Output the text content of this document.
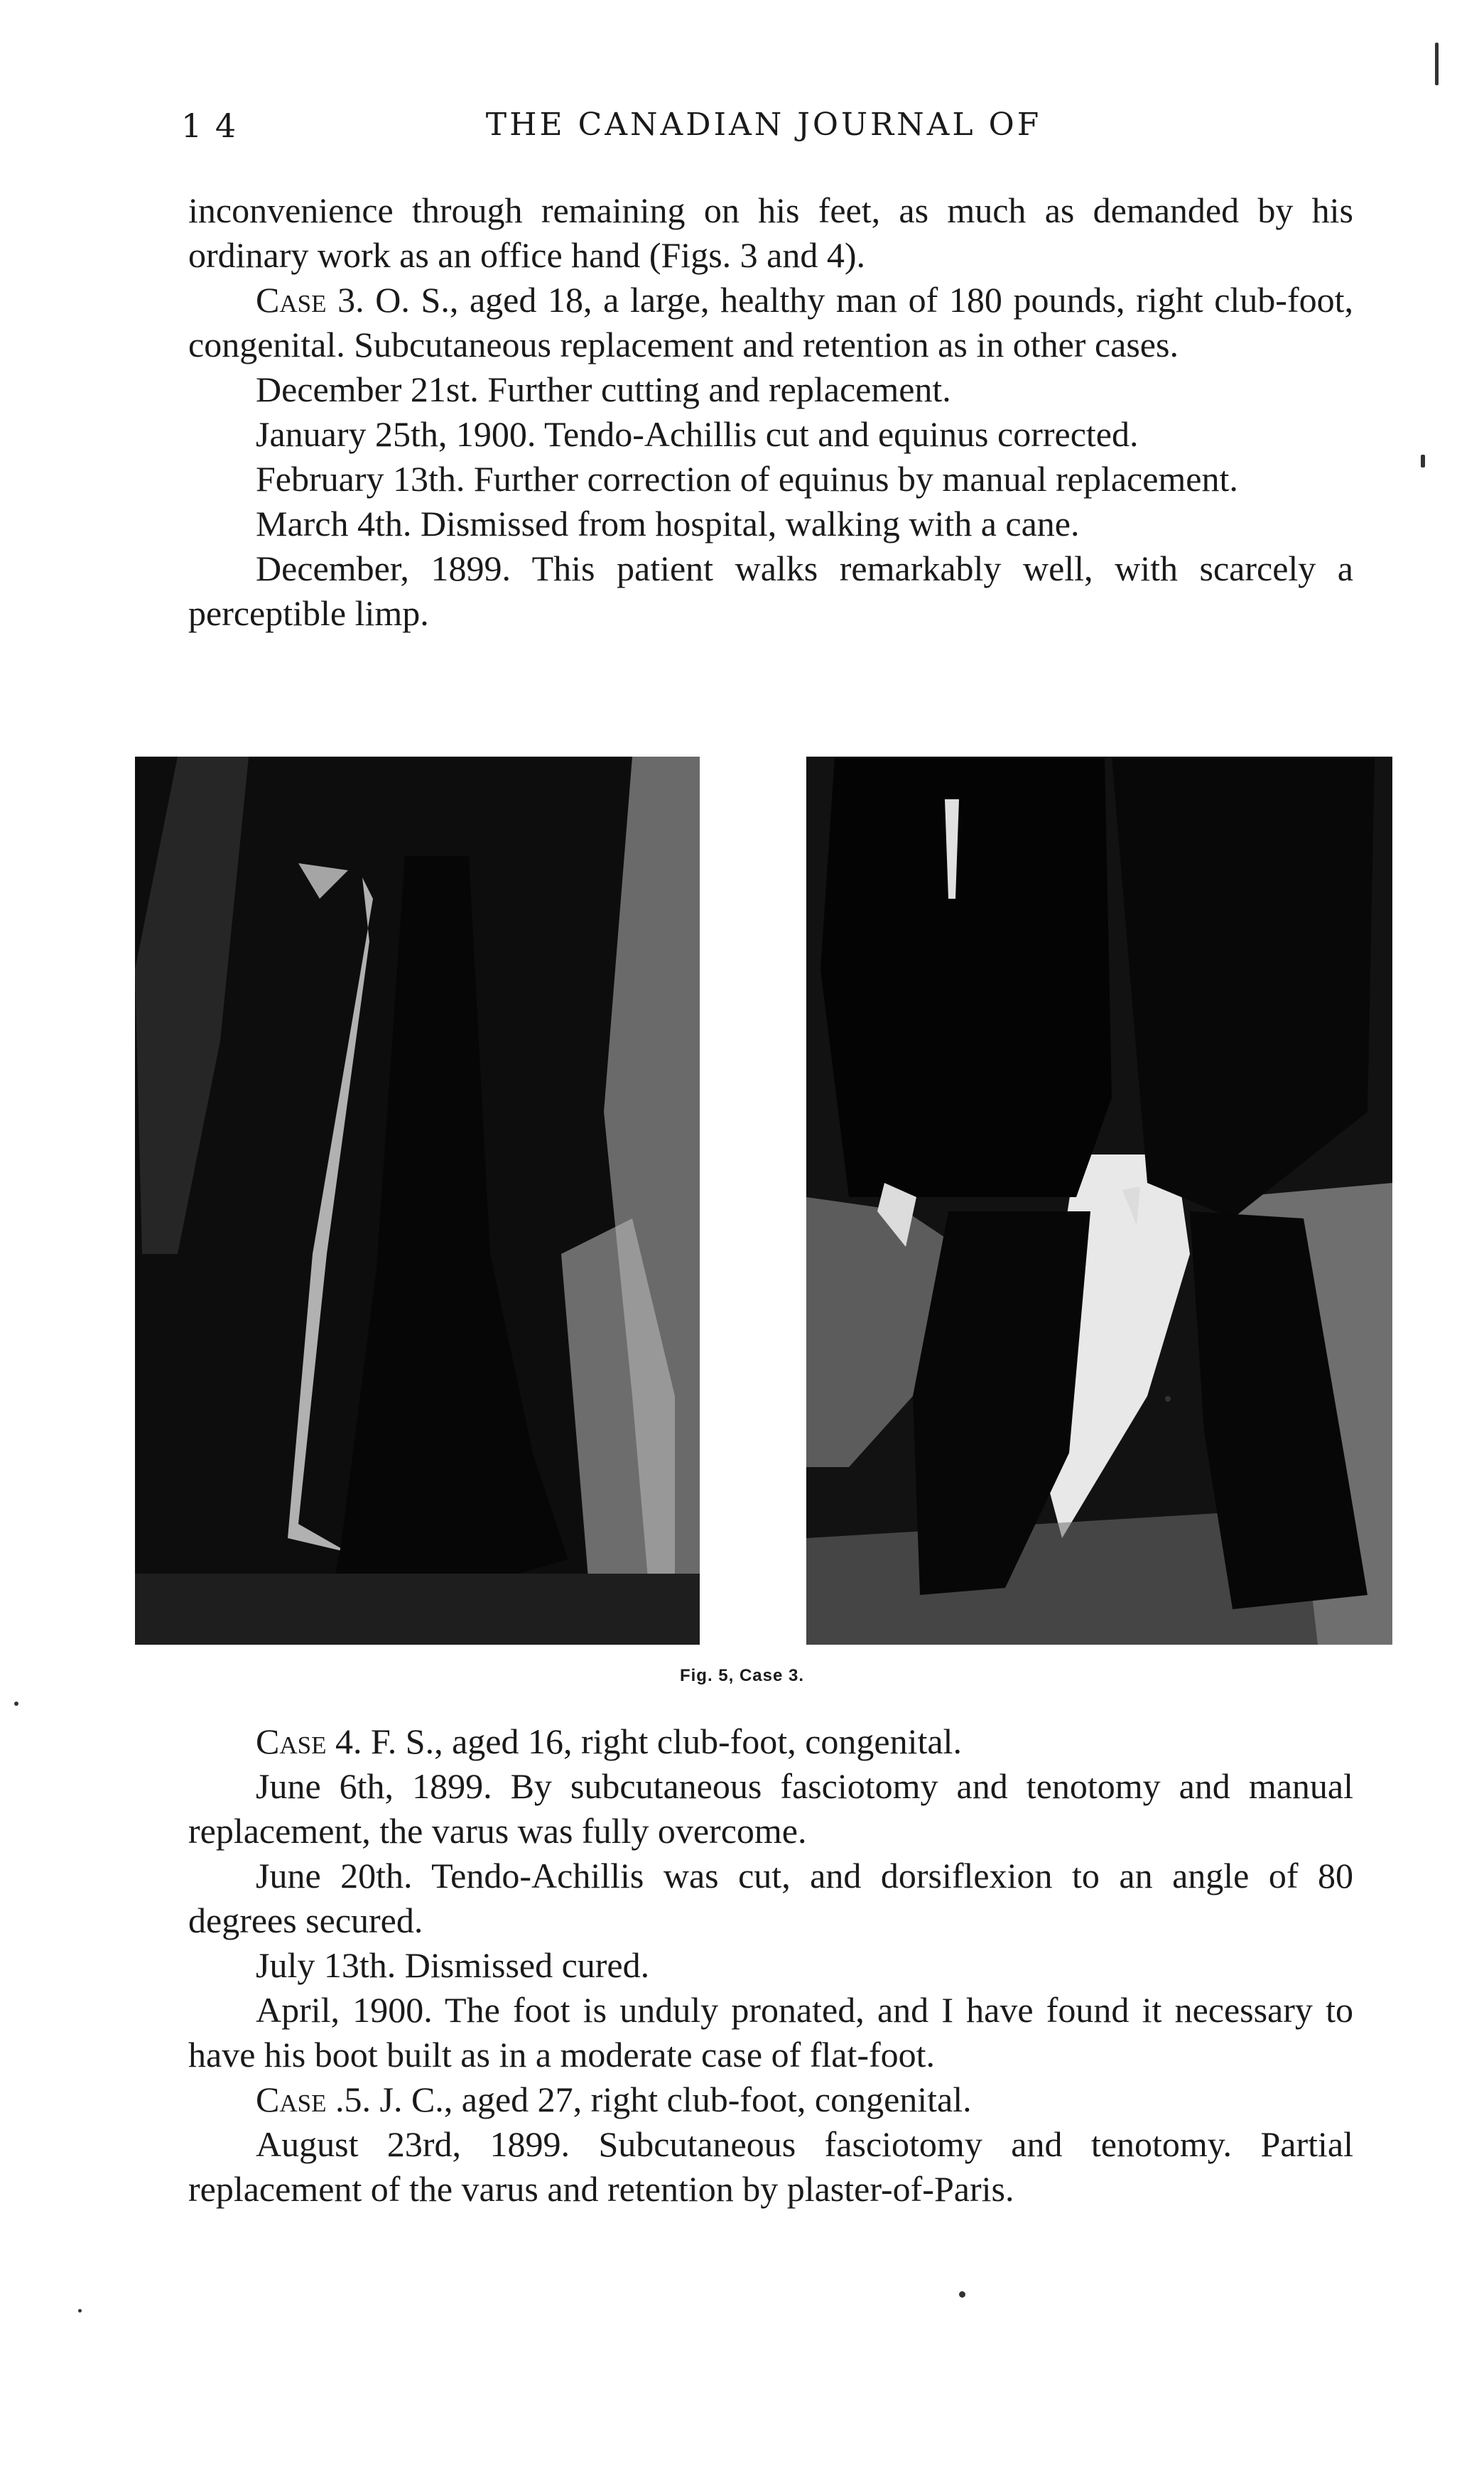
1 4	THE CANADIAN JOURNAL OF

inconvenience through remaining on his feet, as much as demanded by his ordinary work as an office hand (Figs. 3 and 4).

Case 3. O. S., aged 18, a large, healthy man of 180 pounds, right club-foot, congenital. Subcutaneous replacement and retention as in other cases.

December 21st. Further cutting and replacement.

January 25th, 1900. Tendo-Achillis cut and equinus corrected.

February 13th. Further correction of equinus by manual replacement.

March 4th. Dismissed from hospital, walking with a cane.

December, 1899. This patient walks remarkably well, with scarcely a perceptible limp.

Fig. 5, Case 3.

Case 4. F. S., aged 16, right club-foot, congenital.

June 6th, 1899. By subcutaneous fasciotomy and tenotomy and manual replacement, the varus was fully overcome.

June 20th. Tendo-Achillis was cut, and dorsiflexion to an angle of 80 degrees secured.

July 13th. Dismissed cured.

April, 1900. The foot is unduly pronated, and I have found it necessary to have his boot built as in a moderate case of flat-foot.

Case .5. J. C., aged 27, right club-foot, congenital.

August 23rd, 1899. Subcutaneous fasciotomy and tenotomy. Partial replacement of the varus and retention by plaster-of-Paris.
